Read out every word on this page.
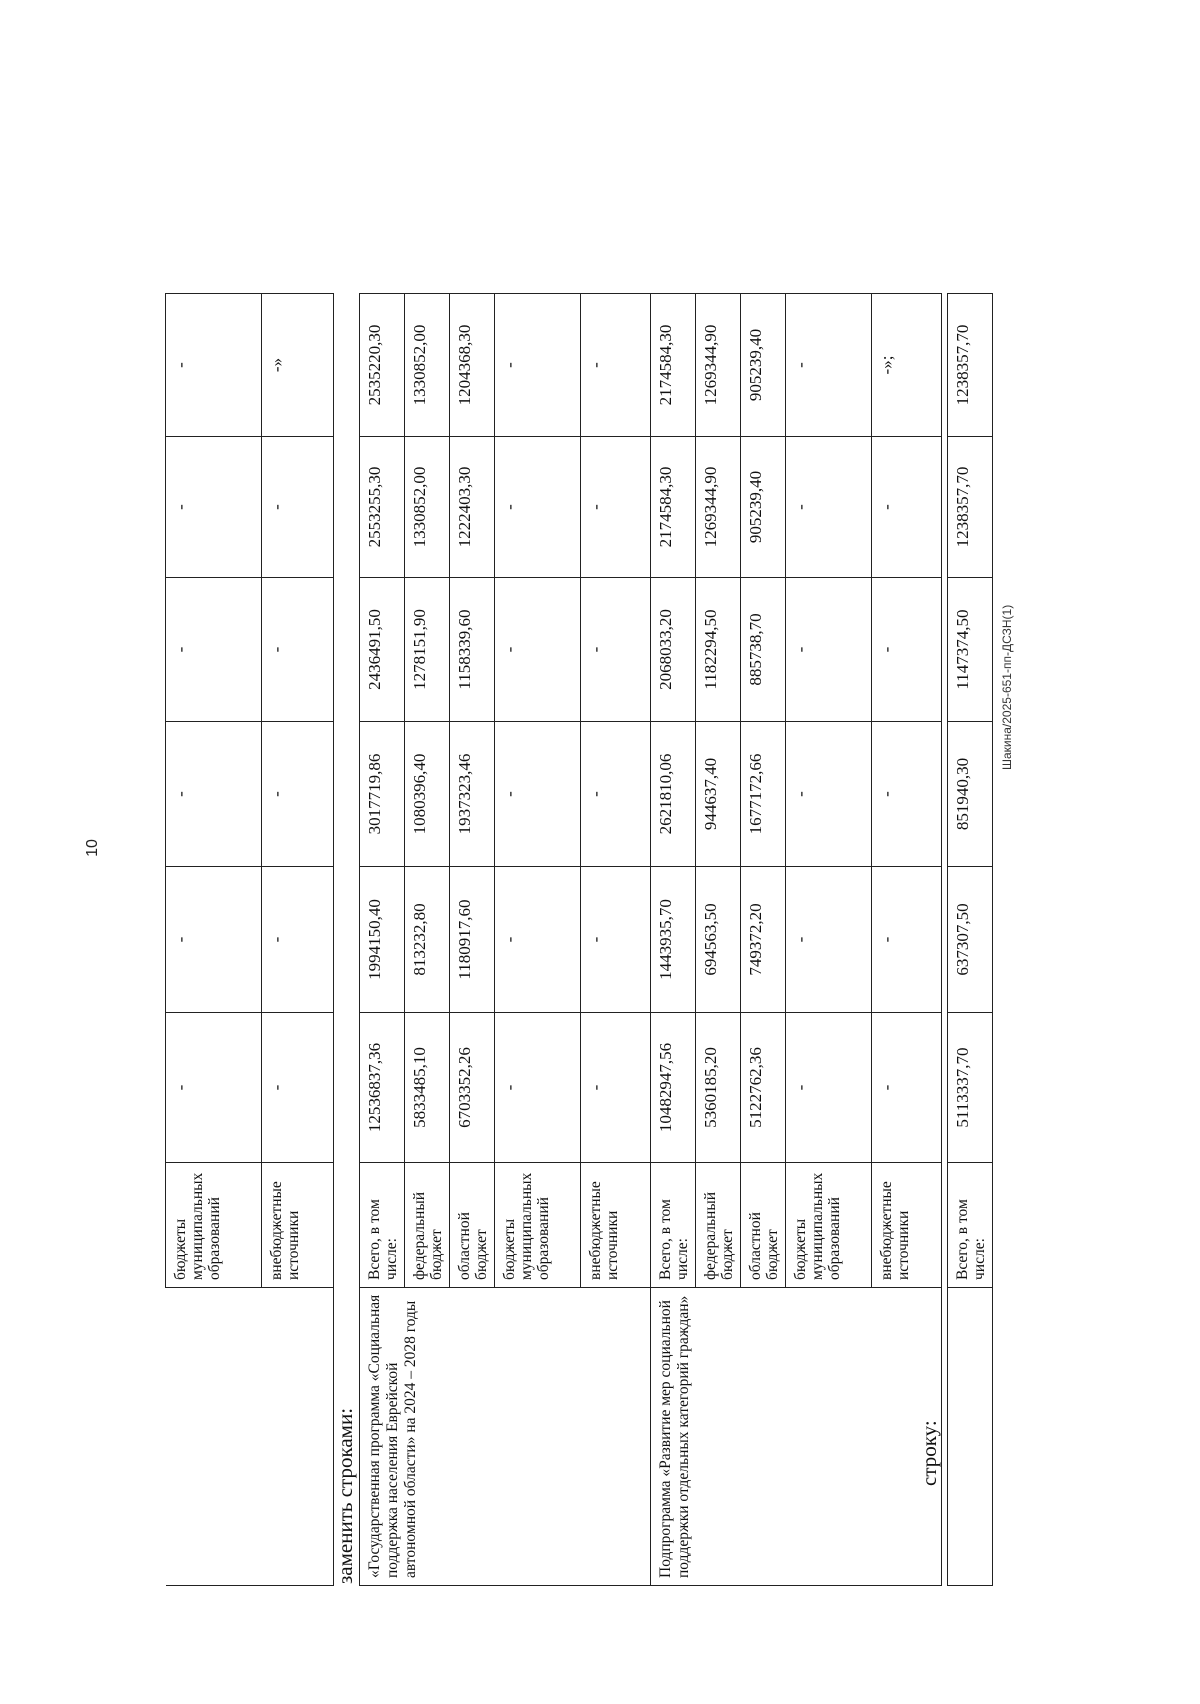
10
Шакина/2025-651-пп-ДСЗН(1)
	бюджеты муниципальных образований	-	-	-	-	-	-
	внебюджетные источники	-	-	-	-	-	-»
заменить строками: «Государственная программа «Социальная поддержка населения Еврейской автономной области» на 2024 – 2028 годы	Всего, в том числе:	12536837,36	1994150,40	3017719,86	2436491,50	2553255,30	2535220,30
	федеральный бюджет	5833485,10	813232,80	1080396,40	1278151,90	1330852,00	1330852,00
	областной бюджет	6703352,26	1180917,60	1937323,46	1158339,60	1222403,30	1204368,30
	бюджеты муниципальных образований	-	-	-	-	-	-
	внебюджетные источники	-	-	-	-	-	-
Подпрограмма «Развитие мер социальной поддержки отдельных категорий граждан»	Всего, в том числе:	10482947,56	1443935,70	2621810,06	2068033,20	2174584,30	2174584,30
	федеральный бюджет	5360185,20	694563,50	944637,40	1182294,50	1269344,90	1269344,90
	областной бюджет	5122762,36	749372,20	1677172,66	885738,70	905239,40	905239,40
	бюджеты муниципальных образований	-	-	-	-	-	-
	внебюджетные источники	-	-	-	-	-	-»;
строку:
	Всего, в том числе:	5113337,70	637307,50	851940,30	1147374,50	1238357,70	1238357,70
